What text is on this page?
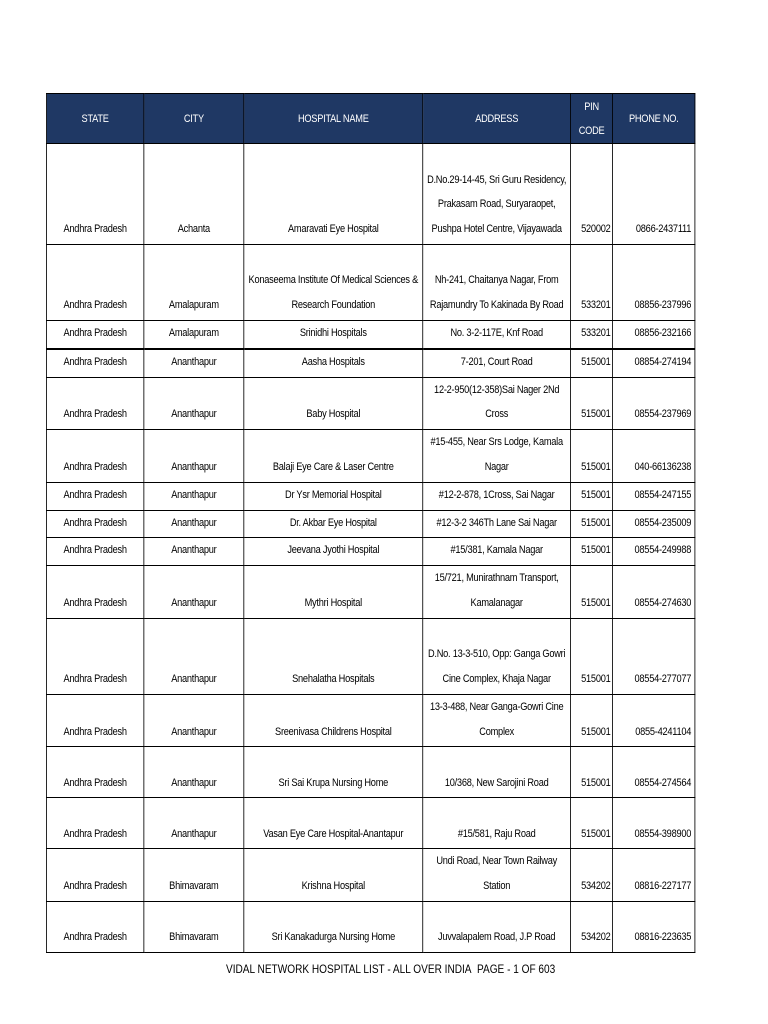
STATE	CITY	HOSPITAL NAME	ADDRESS	PIN CODE	PHONE NO.
Andhra Pradesh	Achanta	Amaravati Eye Hospital	D.No.29-14-45, Sri Guru Residency, Prakasam Road, Suryaraopet, Pushpa Hotel Centre, Vijayawada	520002	0866-2437111
Andhra Pradesh	Amalapuram	Konaseema Institute Of Medical Sciences & Research Foundation	Nh-241, Chaitanya Nagar, From Rajamundry To Kakinada By Road	533201	08856-237996
Andhra Pradesh	Amalapuram	Srinidhi Hospitals	No. 3-2-117E, Knf Road	533201	08856-232166
Andhra Pradesh	Ananthapur	Aasha Hospitals	7-201, Court Road	515001	08854-274194
Andhra Pradesh	Ananthapur	Baby Hospital	12-2-950(12-358)Sai Nager 2Nd Cross	515001	08554-237969
Andhra Pradesh	Ananthapur	Balaji Eye Care & Laser Centre	#15-455, Near Srs Lodge, Kamala Nagar	515001	040-66136238
Andhra Pradesh	Ananthapur	Dr Ysr Memorial Hospital	#12-2-878, 1Cross, Sai Nagar	515001	08554-247155
Andhra Pradesh	Ananthapur	Dr. Akbar Eye Hospital	#12-3-2 346Th Lane Sai Nagar	515001	08554-235009
Andhra Pradesh	Ananthapur	Jeevana Jyothi Hospital	#15/381, Kamala Nagar	515001	08554-249988
Andhra Pradesh	Ananthapur	Mythri Hospital	15/721, Munirathnam Transport, Kamalanagar	515001	08554-274630
Andhra Pradesh	Ananthapur	Snehalatha Hospitals	D.No. 13-3-510, Opp: Ganga Gowri Cine Complex, Khaja Nagar	515001	08554-277077
Andhra Pradesh	Ananthapur	Sreenivasa Childrens Hospital	13-3-488, Near Ganga-Gowri Cine Complex	515001	0855-4241104
Andhra Pradesh	Ananthapur	Sri Sai Krupa Nursing Home	10/368, New Sarojini Road	515001	08554-274564
Andhra Pradesh	Ananthapur	Vasan Eye Care Hospital-Anantapur	#15/581, Raju Road	515001	08554-398900
Andhra Pradesh	Bhimavaram	Krishna Hospital	Undi Road, Near Town Railway Station	534202	08816-227177
Andhra Pradesh	Bhimavaram	Sri Kanakadurga Nursing Home	Juvvalapalem Road, J.P Road	534202	08816-223635
VIDAL NETWORK HOSPITAL LIST - ALL OVER INDIA PAGE - 1 OF 603
